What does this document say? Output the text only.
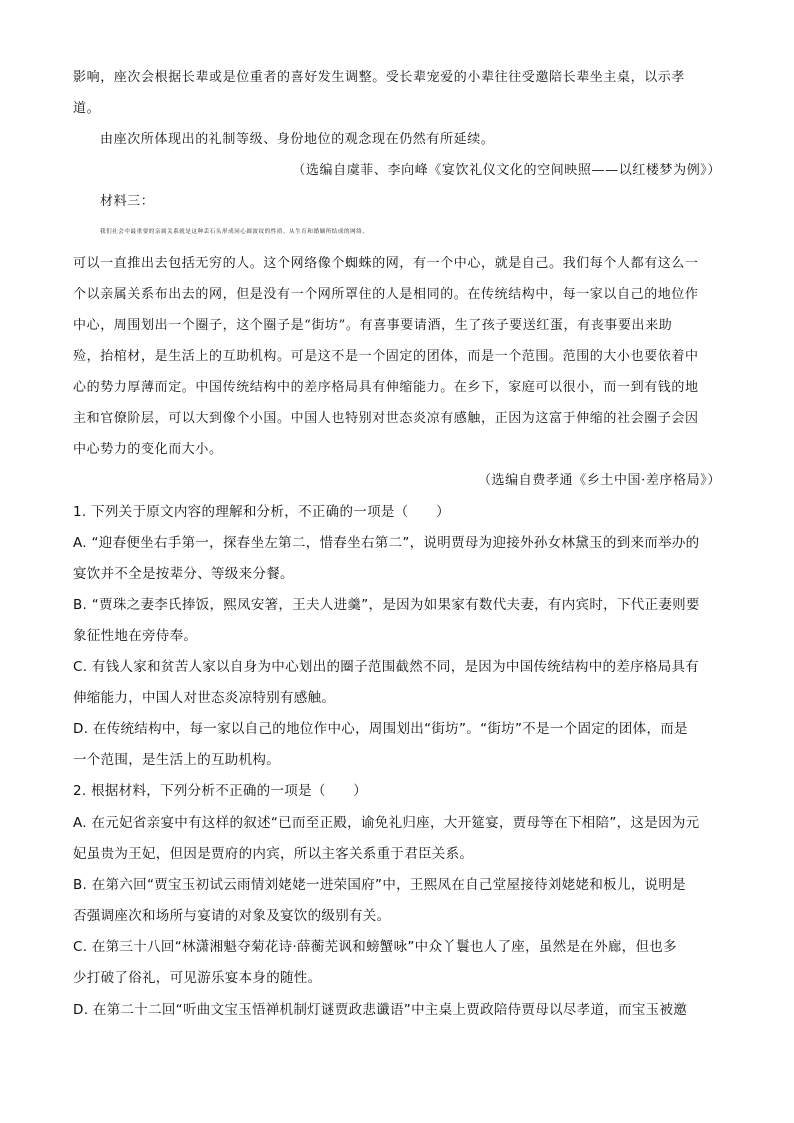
影响，座次会根据长辈或是位重者的喜好发生调整。受长辈宠爱的小辈往往受邀陪长辈坐主桌，以示孝
道。
由座次所体现出的礼制等级、身份地位的观念现在仍然有所延续。
（选编自虞菲、李向峰《宴饮礼仪文化的空间映照——以红楼梦为例》）
材料三：
我们社会中最重要的亲属关系就是这种丢石头形成同心圆波纹的性质。从生育和婚姻所结成的网络，
可以一直推出去包括无穷的人。这个网络像个蜘蛛的网，有一个中心，就是自己。我们每个人都有这么一
个以亲属关系布出去的网，但是没有一个网所罩住的人是相同的。在传统结构中，每一家以自己的地位作
中心，周围划出一个圈子，这个圈子是“街坊”。有喜事要请酒，生了孩子要送红蛋，有丧事要出来助
殓，抬棺材，是生活上的互助机构。可是这不是一个固定的团体，而是一个范围。范围的大小也要依着中
心的势力厚薄而定。中国传统结构中的差序格局具有伸缩能力。在乡下，家庭可以很小，而一到有钱的地
主和官僚阶层，可以大到像个小国。中国人也特别对世态炎凉有感触，正因为这富于伸缩的社会圈子会因
中心势力的变化而大小。
（选编自费孝通《乡土中国·差序格局》）
1. 下列关于原文内容的理解和分析，不正确的一项是（　　）
A. “迎春便坐右手第一，探春坐左第二，惜春坐右第二”，说明贾母为迎接外孙女林黛玉的到来而举办的
宴饮并不全是按辈分、等级来分餐。
B. “贾珠之妻李氏捧饭，熙凤安箸，王夫人进羹”，是因为如果家有数代夫妻，有内宾时，下代正妻则要
象征性地在旁侍奉。
C. 有钱人家和贫苦人家以自身为中心划出的圈子范围截然不同，是因为中国传统结构中的差序格局具有
伸缩能力，中国人对世态炎凉特别有感触。
D. 在传统结构中，每一家以自己的地位作中心，周围划出“街坊”。“街坊”不是一个固定的团体，而是
一个范围，是生活上的互助机构。
2. 根据材料，下列分析不正确的一项是（　　）
A. 在元妃省亲宴中有这样的叙述“已而至正殿，谕免礼归座，大开筵宴，贾母等在下相陪”，这是因为元
妃虽贵为王妃，但因是贾府的内宾，所以主客关系重于君臣关系。
B. 在第六回“贾宝玉初试云雨情刘姥姥一进荣国府”中，王熙凤在自己堂屋接待刘姥姥和板儿，说明是
否强调座次和场所与宴请的对象及宴饮的级别有关。
C. 在第三十八回“林潇湘魁夺菊花诗·薛蘅芜讽和螃蟹咏”中众丫鬟也人了座，虽然是在外廊，但也多
少打破了俗礼，可见游乐宴本身的随性。
D. 在第二十二回“听曲文宝玉悟禅机制灯谜贾政悲谶语”中主桌上贾政陪侍贾母以尽孝道，而宝玉被邀
